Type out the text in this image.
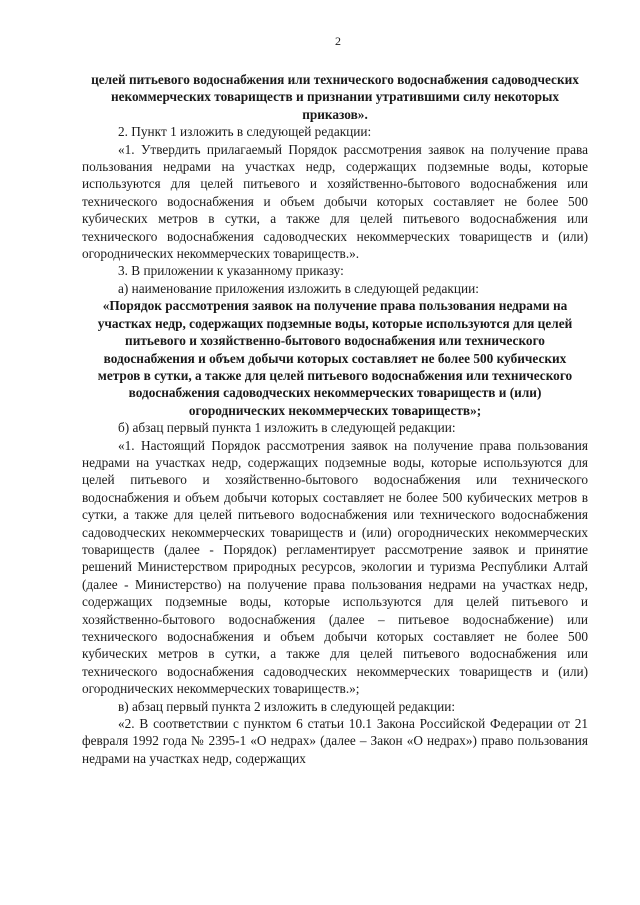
2

целей питьевого водоснабжения или технического водоснабжения садоводческих некоммерческих товариществ и признании утратившими силу некоторых приказов».

2. Пункт 1 изложить в следующей редакции:

«1. Утвердить прилагаемый Порядок рассмотрения заявок на получение права пользования недрами на участках недр, содержащих подземные воды, которые используются для целей питьевого и хозяйственно-бытового водоснабжения или технического водоснабжения и объем добычи которых составляет не более 500 кубических метров в сутки, а также для целей питьевого водоснабжения или технического водоснабжения садоводческих некоммерческих товариществ и (или) огороднических некоммерческих товариществ.».

3. В приложении к указанному приказу:

а) наименование приложения изложить в следующей редакции:

«Порядок рассмотрения заявок на получение права пользования недрами на участках недр, содержащих подземные воды, которые используются для целей питьевого и хозяйственно-бытового водоснабжения или технического водоснабжения и объем добычи которых составляет не более 500 кубических метров в сутки, а также для целей питьевого водоснабжения или технического водоснабжения садоводческих некоммерческих товариществ и (или) огороднических некоммерческих товариществ»;

б) абзац первый пункта 1 изложить в следующей редакции:

«1. Настоящий Порядок рассмотрения заявок на получение права пользования недрами на участках недр, содержащих подземные воды, которые используются для целей питьевого и хозяйственно-бытового водоснабжения или технического водоснабжения и объем добычи которых составляет не более 500 кубических метров в сутки, а также для целей питьевого водоснабжения или технического водоснабжения садоводческих некоммерческих товариществ и (или) огороднических некоммерческих товариществ (далее - Порядок) регламентирует рассмотрение заявок и принятие решений Министерством природных ресурсов, экологии и туризма Республики Алтай (далее - Министерство) на получение права пользования недрами на участках недр, содержащих подземные воды, которые используются для целей питьевого и хозяйственно-бытового водоснабжения (далее – питьевое водоснабжение) или технического водоснабжения и объем добычи которых составляет не более 500 кубических метров в сутки, а также для целей питьевого водоснабжения или технического водоснабжения садоводческих некоммерческих товариществ и (или) огороднических некоммерческих товариществ.»;

в) абзац первый пункта 2 изложить в следующей редакции:

«2. В соответствии с пунктом 6 статьи 10.1 Закона Российской Федерации от 21 февраля 1992 года № 2395-1 «О недрах» (далее – Закон «О недрах») право пользования недрами на участках недр, содержащих
